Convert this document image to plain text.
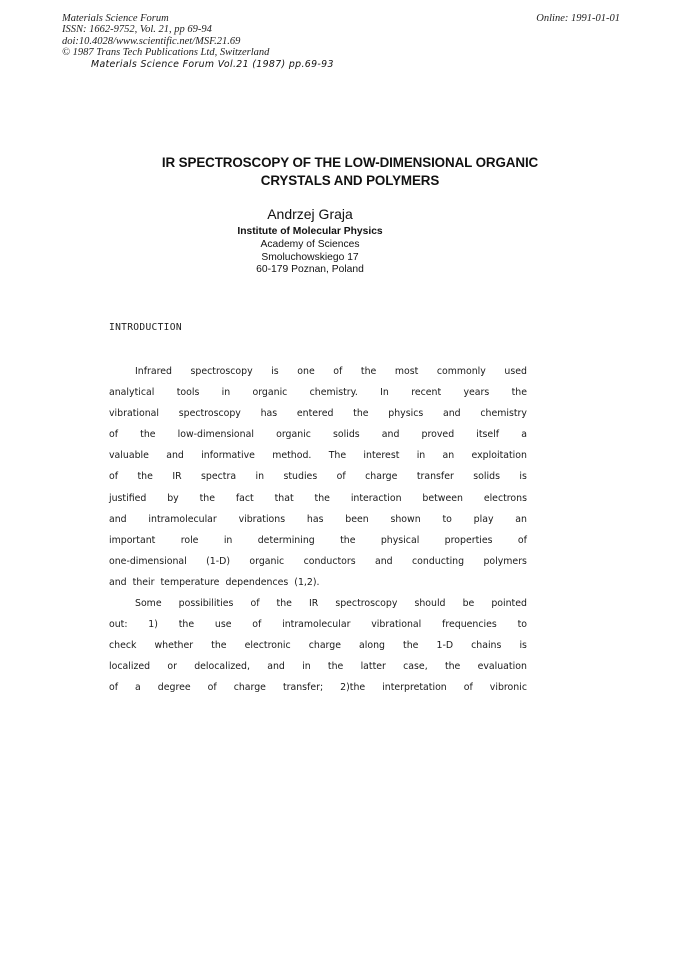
Materials Science Forum
ISSN: 1662-9752, Vol. 21, pp 69-94
doi:10.4028/www.scientific.net/MSF.21.69
© 1987 Trans Tech Publications Ltd, Switzerland
Online: 1991-01-01
Materials Science Forum Vol.21 (1987) pp.69-93
IR SPECTROSCOPY OF THE LOW-DIMENSIONAL ORGANIC
CRYSTALS AND POLYMERS
Andrzej Graja
Institute of Molecular Physics
Academy of Sciences
Smoluchowskiego 17
60-179 Poznan, Poland
INTRODUCTION
Infrared spectroscopy is one of the most commonly used
analytical tools in organic chemistry. In recent years the
vibrational spectroscopy has entered the physics and chemistry
of the low-dimensional organic solids and proved itself a
valuable and informative method. The interest in an exploitation
of the IR spectra in studies of charge transfer solids is
justified by the fact that the interaction between electrons
and intramolecular vibrations has been shown to play an
important	role	in	determining	the	physical	properties	of
one-dimensional (1-D) organic conductors and conducting polymers
and their temperature dependences (1,2).
Some possibilities of the IR spectroscopy should be pointed
out: 1) the use of intramolecular vibrational frequencies to
check whether the electronic charge along the 1-D chains is
localized or delocalized, and in the latter case, the evaluation
of a degree of charge transfer; 2)the interpretation of vibronic
